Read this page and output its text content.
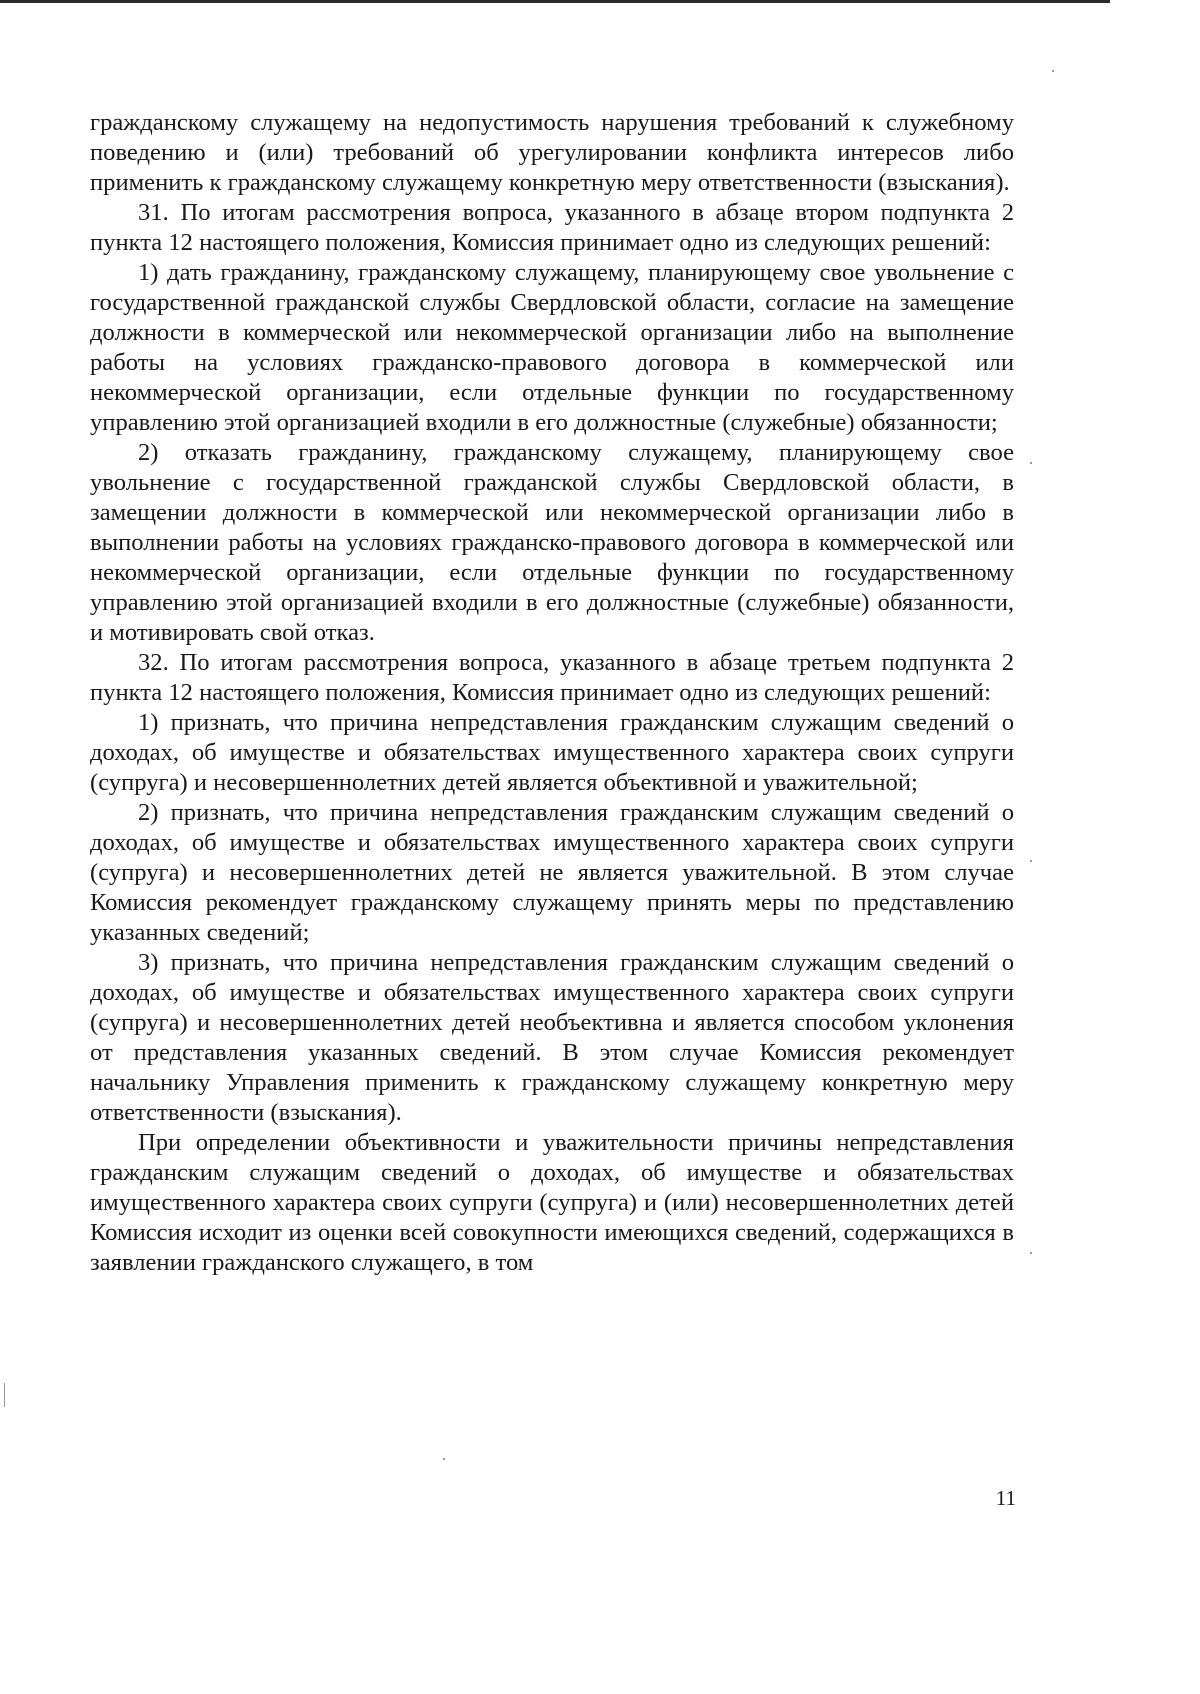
гражданскому служащему на недопустимость нарушения требований к служебному поведению и (или) требований об урегулировании конфликта интересов либо применить к гражданскому служащему конкретную меру ответственности (взыскания).

31. По итогам рассмотрения вопроса, указанного в абзаце втором подпункта 2 пункта 12 настоящего положения, Комиссия принимает одно из следующих решений:

1) дать гражданину, гражданскому служащему, планирующему свое увольнение с государственной гражданской службы Свердловской области, согласие на замещение должности в коммерческой или некоммерческой организации либо на выполнение работы на условиях гражданско-правового договора в коммерческой или некоммерческой организации, если отдельные функции по государственному управлению этой организацией входили в его должностные (служебные) обязанности;

2) отказать гражданину, гражданскому служащему, планирующему свое увольнение с государственной гражданской службы Свердловской области, в замещении должности в коммерческой или некоммерческой организации либо в выполнении работы на условиях гражданско-правового договора в коммерческой или некоммерческой организации, если отдельные функции по государственному управлению этой организацией входили в его должностные (служебные) обязанности, и мотивировать свой отказ.

32. По итогам рассмотрения вопроса, указанного в абзаце третьем подпункта 2 пункта 12 настоящего положения, Комиссия принимает одно из следующих решений:

1) признать, что причина непредставления гражданским служащим сведений о доходах, об имуществе и обязательствах имущественного характера своих супруги (супруга) и несовершеннолетних детей является объективной и уважительной;

2) признать, что причина непредставления гражданским служащим сведений о доходах, об имуществе и обязательствах имущественного характера своих супруги (супруга) и несовершеннолетних детей не является уважительной. В этом случае Комиссия рекомендует гражданскому служащему принять меры по представлению указанных сведений;

3) признать, что причина непредставления гражданским служащим сведений о доходах, об имуществе и обязательствах имущественного характера своих супруги (супруга) и несовершеннолетних детей необъективна и является способом уклонения от представления указанных сведений. В этом случае Комиссия рекомендует начальнику Управления применить к гражданскому служащему конкретную меру ответственности (взыскания).

При определении объективности и уважительности причины непредставления гражданским служащим сведений о доходах, об имуществе и обязательствах имущественного характера своих супруги (супруга) и (или) несовершеннолетних детей Комиссия исходит из оценки всей совокупности имеющихся сведений, содержащихся в заявлении гражданского служащего, в том

11
